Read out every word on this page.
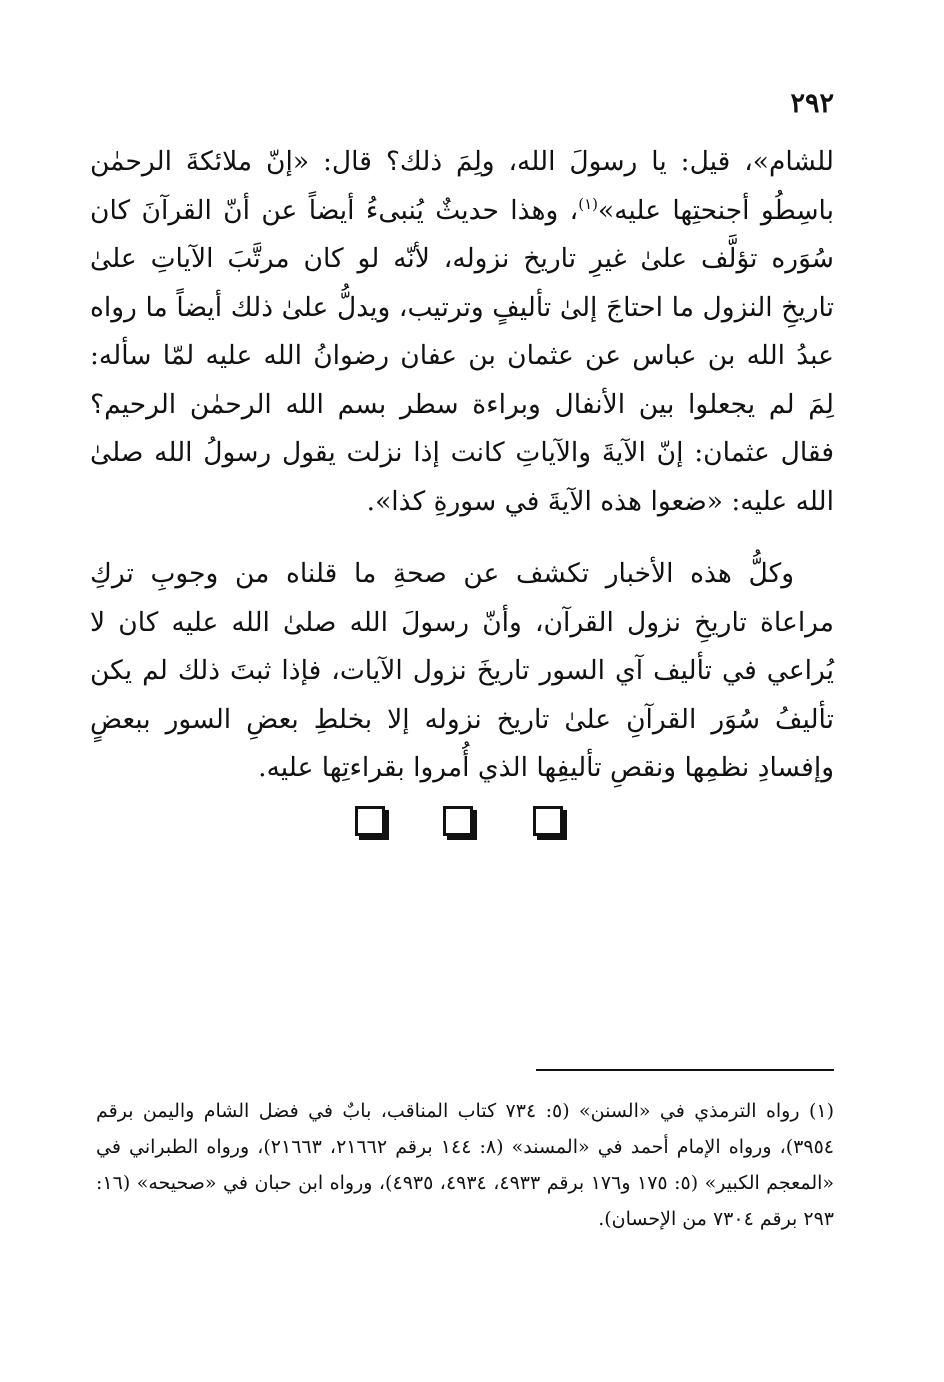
٢٩٢

للشام»، قيل: يا رسولَ الله، ولِمَ ذلك؟ قال: «إنّ ملائكةَ الرحمٰن باسِطُو أجنحتِها عليه»$^{(١)}$، وهذا حديثٌ يُنبىءُ أيضاً عن أنّ القرآنَ كان سُوَره تؤلَّف علىٰ غيرِ تاريخ نزوله، لأنّه لو كان مرتَّبَ الآياتِ علىٰ تاريخِ النزول ما احتاجَ إلىٰ تأليفٍ وترتيب، ويدلُّ علىٰ ذلك أيضاً ما رواه عبدُ الله بن عباس عن عثمان بن عفان رضوانُ الله عليه لمّا سأله: لِمَ لم يجعلوا بين الأنفال وبراءة سطر بسم الله الرحمٰن الرحيم؟ فقال عثمان: إنّ الآيةَ والآياتِ كانت إذا نزلت يقول رسولُ الله صلىٰ الله عليه: «ضعوا هذه الآيةَ في سورةِ كذا».

وكلُّ هذه الأخبار تكشف عن صحةِ ما قلناه من وجوبِ تركِ مراعاة تاريخِ نزول القرآن، وأنّ رسولَ الله صلىٰ الله عليه كان لا يُراعي في تأليف آي السور تاريخَ نزول الآيات، فإذا ثبتَ ذلك لم يكن تأليفُ سُوَر القرآنِ علىٰ تاريخ نزوله إلا بخلطِ بعضِ السور ببعضٍ وإفسادِ نظمِها ونقصِ تأليفِها الذي أُمروا بقراءتِها عليه.

(١) رواه الترمذي في «السنن» (٥: ٧٣٤ كتاب المناقب، بابٌ في فضل الشام واليمن برقم ٣٩٥٤)، ورواه الإمام أحمد في «المسند» (٨: ١٤٤ برقم ٢١٦٦٢، ٢١٦٦٣)، ورواه الطبراني في «المعجم الكبير» (٥: ١٧٥ و١٧٦ برقم ٤٩٣٣، ٤٩٣٤، ٤٩٣٥)، ورواه ابن حبان في «صحيحه» (١٦: ٢٩٣ برقم ٧٣٠٤ من الإحسان).
